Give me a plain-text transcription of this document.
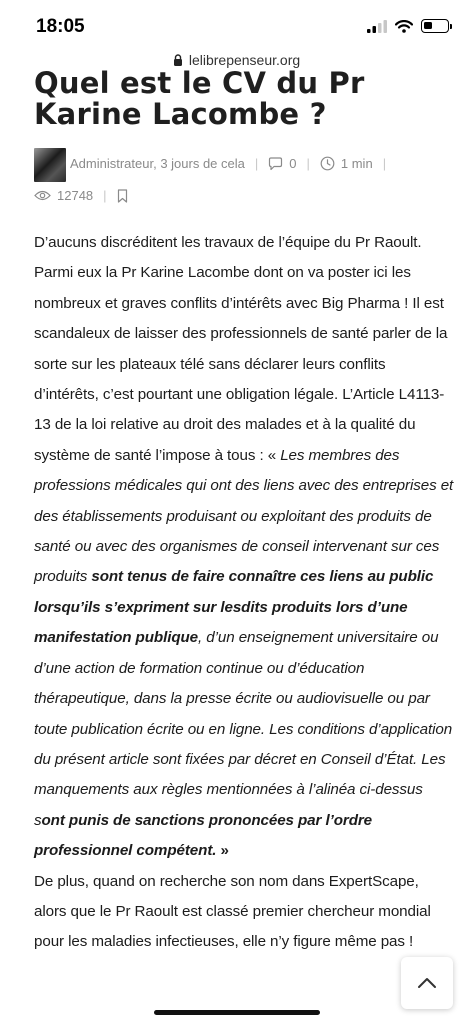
18:05
lelibrepenseur.org
Quel est le CV du Pr Karine Lacombe ?
Administrateur, 3 jours de cela | 0 | 1 min |
12748 |

D’aucuns discréditent les travaux de l’équipe du Pr Raoult. Parmi eux la Pr Karine Lacombe dont on va poster ici les nombreux et graves conflits d’intérêts avec Big Pharma ! Il est scandaleux de laisser des professionnels de santé parler de la sorte sur les plateaux télé sans déclarer leurs conflits d’intérêts, c’est pourtant une obligation légale. L’Article L4113-13 de la loi relative au droit des malades et à la qualité du système de santé l’impose à tous : « Les membres des professions médicales qui ont des liens avec des entreprises et des établissements produisant ou exploitant des produits de santé ou avec des organismes de conseil intervenant sur ces produits sont tenus de faire connaître ces liens au public lorsqu’ils s’expriment sur lesdits produits lors d’une manifestation publique, d’un enseignement universitaire ou d’une action de formation continue ou d’éducation thérapeutique, dans la presse écrite ou audiovisuelle ou par toute publication écrite ou en ligne. Les conditions d’application du présent article sont fixées par décret en Conseil d’État. Les manquements aux règles mentionnées à l’alinéa ci-dessus sont punis de sanctions prononcées par l’ordre professionnel compétent. »

De plus, quand on recherche son nom dans ExpertScape, alors que le Pr Raoult est classé premier chercheur mondial pour les maladies infectieuses, elle n’y figure même pas !
